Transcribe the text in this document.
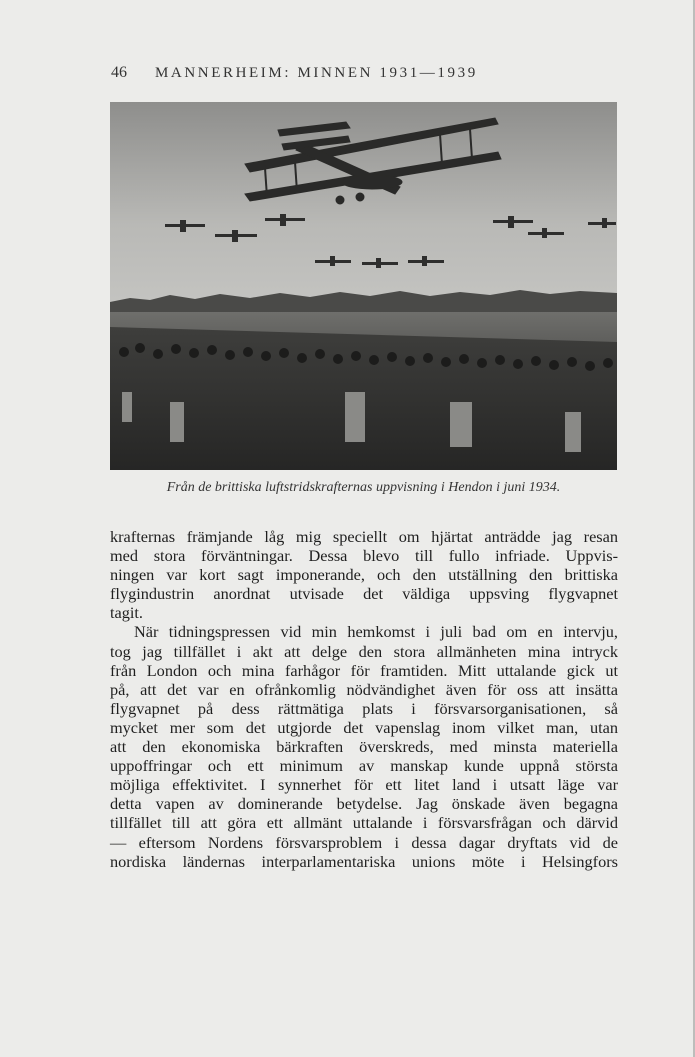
46 MANNERHEIM: MINNEN 1931—1939
Från de brittiska luftstridskrafternas uppvisning i Hendon i juni 1934.
krafternas främjande låg mig speciellt om hjärtat anträdde jag resan
med stora förväntningar. Dessa blevo till fullo infriade. Uppvis-
ningen var kort sagt imponerande, och den utställning den brittiska
flygindustrin anordnat utvisade det väldiga uppsving flygvapnet
tagit.
När tidningspressen vid min hemkomst i juli bad om en intervju,
tog jag tillfället i akt att delge den stora allmänheten mina intryck
från London och mina farhågor för framtiden. Mitt uttalande gick ut
på, att det var en ofrånkomlig nödvändighet även för oss att insätta
flygvapnet på dess rättmätiga plats i försvarsorganisationen, så
mycket mer som det utgjorde det vapenslag inom vilket man, utan
att den ekonomiska bärkraften överskreds, med minsta materiella
uppoffringar och ett minimum av manskap kunde uppnå största
möjliga effektivitet. I synnerhet för ett litet land i utsatt läge var
detta vapen av dominerande betydelse. Jag önskade även begagna
tillfället till att göra ett allmänt uttalande i försvarsfrågan och därvid
— eftersom Nordens försvarsproblem i dessa dagar dryftats vid de
nordiska ländernas interparlamentariska unions möte i Helsingfors
